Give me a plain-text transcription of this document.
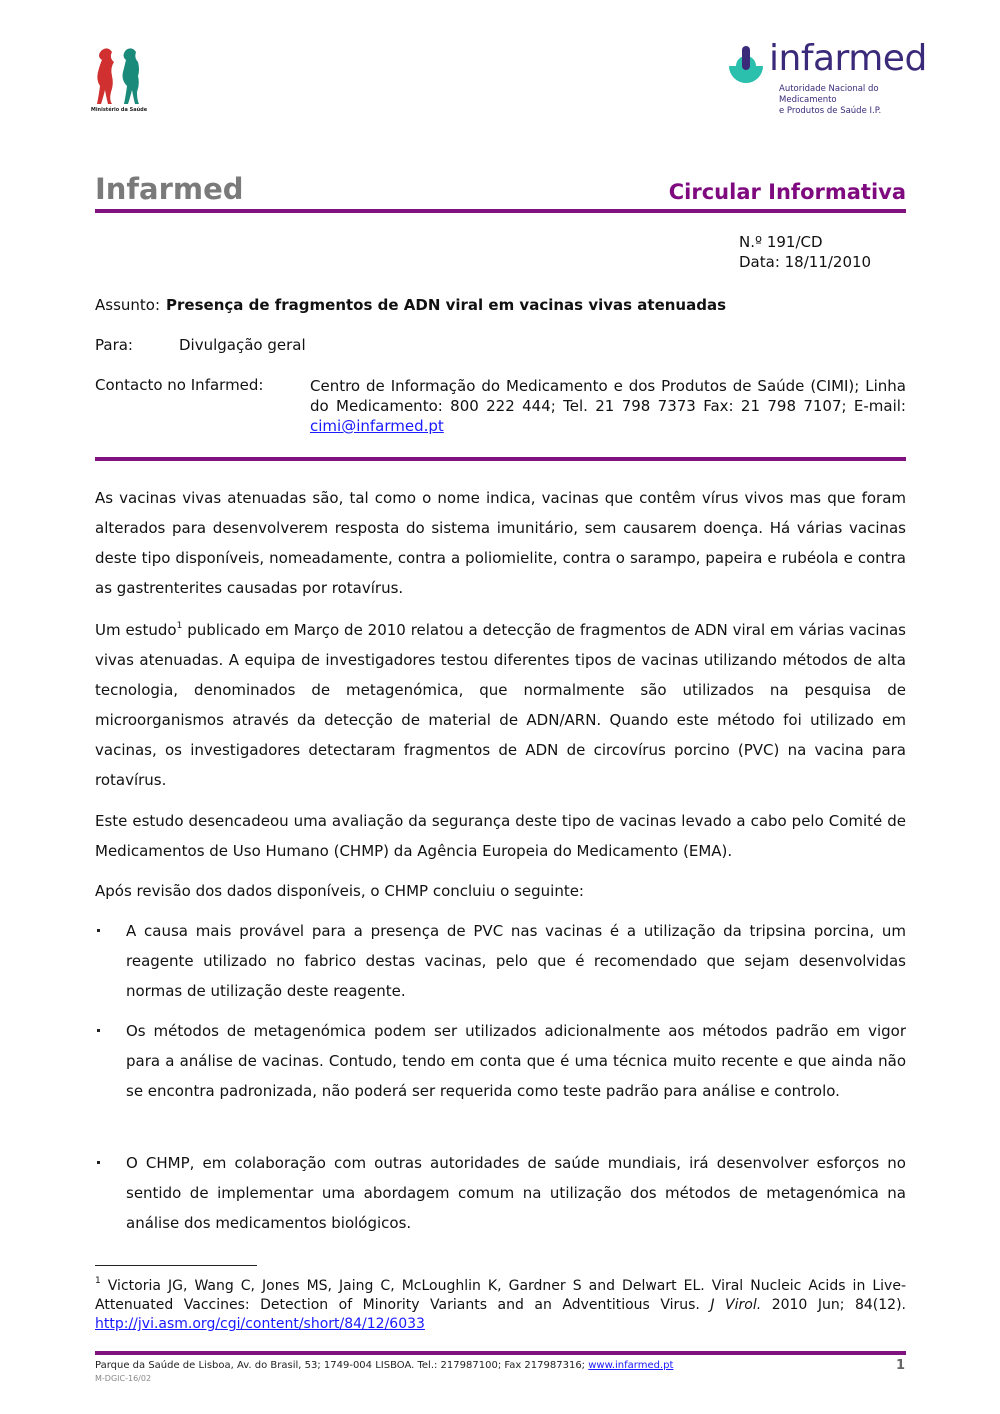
Ministério da Saúde
infarmed
Autoridade Nacional do Medicamento
e Produtos de Saúde I.P.
Infarmed	Circular Informativa
N.º 191/CD
Data: 18/11/2010
Assunto: Presença de fragmentos de ADN viral em vacinas vivas atenuadas
Para:	Divulgação geral
Contacto no Infarmed:	Centro de Informação do Medicamento e dos Produtos de Saúde (CIMI); Linha do Medicamento: 800 222 444; Tel. 21 798 7373 Fax: 21 798 7107; E-mail: cimi@infarmed.pt
As vacinas vivas atenuadas são, tal como o nome indica, vacinas que contêm vírus vivos mas que foram alterados para desenvolverem resposta do sistema imunitário, sem causarem doença. Há várias vacinas deste tipo disponíveis, nomeadamente, contra a poliomielite, contra o sarampo, papeira e rubéola e contra as gastrenterites causadas por rotavírus.
Um estudo$^1$ publicado em Março de 2010 relatou a detecção de fragmentos de ADN viral em várias vacinas vivas atenuadas. A equipa de investigadores testou diferentes tipos de vacinas utilizando métodos de alta tecnologia, denominados de metagenómica, que normalmente são utilizados na pesquisa de microorganismos através da detecção de material de ADN/ARN. Quando este método foi utilizado em vacinas, os investigadores detectaram fragmentos de ADN de circovírus porcino (PVC) na vacina para rotavírus.
Este estudo desencadeou uma avaliação da segurança deste tipo de vacinas levado a cabo pelo Comité de Medicamentos de Uso Humano (CHMP) da Agência Europeia do Medicamento (EMA).
Após revisão dos dados disponíveis, o CHMP concluiu o seguinte:
A causa mais provável para a presença de PVC nas vacinas é a utilização da tripsina porcina, um reagente utilizado no fabrico destas vacinas, pelo que é recomendado que sejam desenvolvidas normas de utilização deste reagente.
Os métodos de metagenómica podem ser utilizados adicionalmente aos métodos padrão em vigor para a análise de vacinas. Contudo, tendo em conta que é uma técnica muito recente e que ainda não se encontra padronizada, não poderá ser requerida como teste padrão para análise e controlo.
O CHMP, em colaboração com outras autoridades de saúde mundiais, irá desenvolver esforços no sentido de implementar uma abordagem comum na utilização dos métodos de metagenómica na análise dos medicamentos biológicos.
$^1$ Victoria JG, Wang C, Jones MS, Jaing C, McLoughlin K, Gardner S and Delwart EL. Viral Nucleic Acids in Live-Attenuated Vaccines: Detection of Minority Variants and an Adventitious Virus. J Virol. 2010 Jun; 84(12). http://jvi.asm.org/cgi/content/short/84/12/6033
Parque da Saúde de Lisboa, Av. do Brasil, 53; 1749-004 LISBOA. Tel.: 217987100; Fax 217987316; www.infarmed.pt
M-DGIC-16/02
1
